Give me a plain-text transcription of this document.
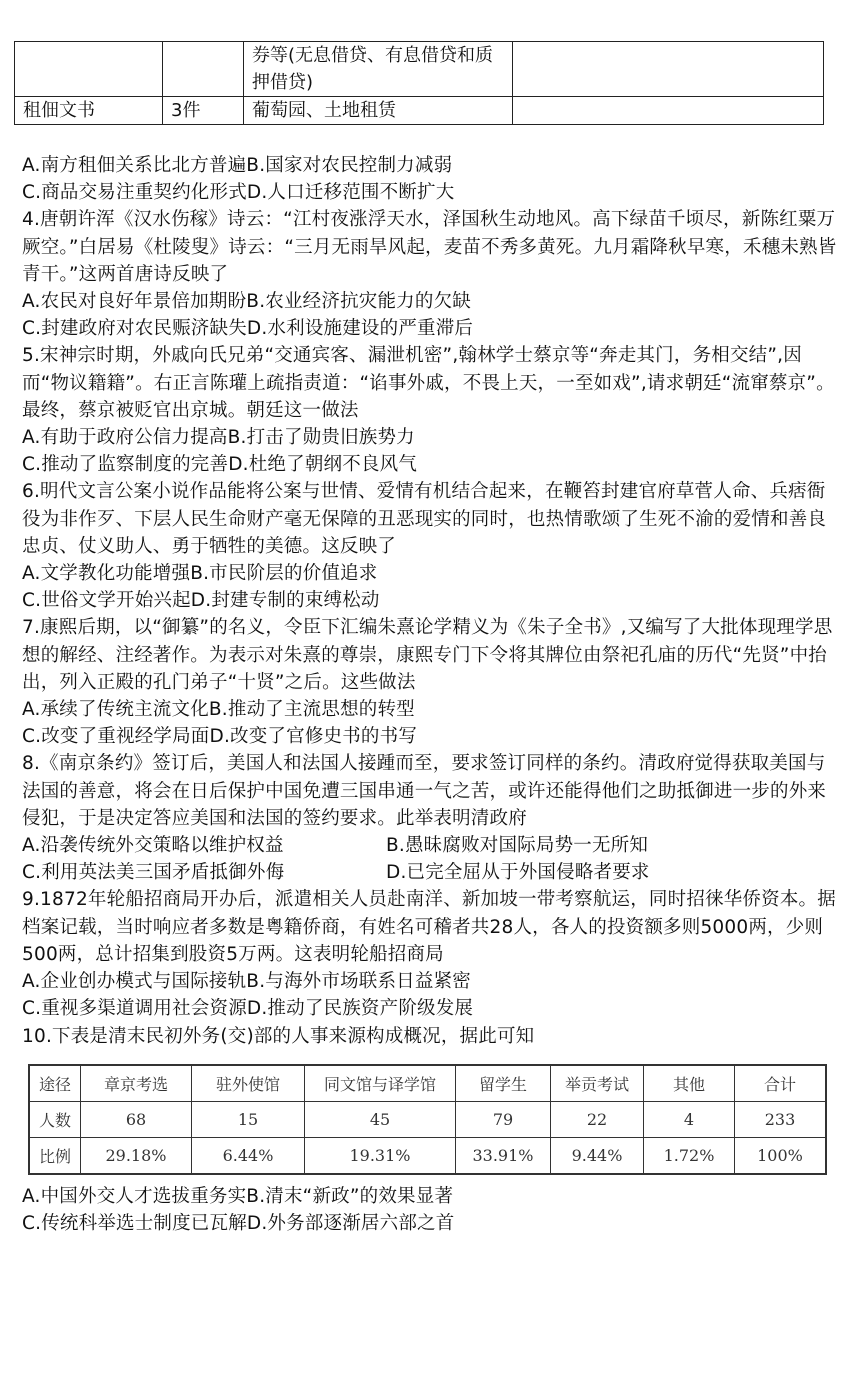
		券等(无息借贷、有息借贷和质押借贷)	
租佃文书	3件	葡萄园、土地租赁	

A.南方租佃关系比北方普遍B.国家对农民控制力减弱

C.商品交易注重契约化形式D.人口迁移范围不断扩大

4.唐朝许浑《汉水伤稼》诗云：“江村夜涨浮天水，泽国秋生动地风。高下绿苗千顷尽，新陈红粟万厥空。”白居易《杜陵叟》诗云：“三月无雨旱风起，麦苗不秀多黄死。九月霜降秋早寒，禾穗未熟皆青干。”这两首唐诗反映了

A.农民对良好年景倍加期盼B.农业经济抗灾能力的欠缺

C.封建政府对农民赈济缺失D.水利设施建设的严重滞后

5.宋神宗时期，外戚向氏兄弟“交通宾客、漏泄机密”,翰林学士蔡京等“奔走其门，务相交结”,因而“物议籍籍”。右正言陈瓘上疏指责道：“谄事外戚，不畏上天，一至如戏”,请求朝廷“流窜蔡京”。最终，蔡京被贬官出京城。朝廷这一做法

A.有助于政府公信力提高B.打击了勋贵旧族势力

C.推动了监察制度的完善D.杜绝了朝纲不良风气

6.明代文言公案小说作品能将公案与世情、爱情有机结合起来，在鞭笞封建官府草菅人命、兵痞衙役为非作歹、下层人民生命财产毫无保障的丑恶现实的同时，也热情歌颂了生死不渝的爱情和善良忠贞、仗义助人、勇于牺牲的美德。这反映了

A.文学教化功能增强B.市民阶层的价值追求

C.世俗文学开始兴起D.封建专制的束缚松动

7.康熙后期，以“御纂”的名义，令臣下汇编朱熹论学精义为《朱子全书》,又编写了大批体现理学思想的解经、注经著作。为表示对朱熹的尊崇，康熙专门下令将其牌位由祭祀孔庙的历代“先贤”中抬出，列入正殿的孔门弟子“十贤”之后。这些做法

A.承续了传统主流文化B.推动了主流思想的转型

C.改变了重视经学局面D.改变了官修史书的书写

8.《南京条约》签订后，美国人和法国人接踵而至，要求签订同样的条约。清政府觉得获取美国与法国的善意，将会在日后保护中国免遭三国串通一气之苦，或许还能得他们之助抵御进一步的外来侵犯，于是决定答应美国和法国的签约要求。此举表明清政府

A.沿袭传统外交策略以维护权益	B.愚昧腐败对国际局势一无所知
C.利用英法美三国矛盾抵御外侮	D.已完全屈从于外国侵略者要求

9.1872年轮船招商局开办后，派遣相关人员赴南洋、新加坡一带考察航运，同时招徕华侨资本。据档案记载，当时响应者多数是粤籍侨商，有姓名可稽者共28人，各人的投资额多则5000两，少则500两，总计招集到股资5万两。这表明轮船招商局

A.企业创办模式与国际接轨B.与海外市场联系日益紧密

C.重视多渠道调用社会资源D.推动了民族资产阶级发展

10.下表是清末民初外务(交)部的人事来源构成概况，据此可知

途径	章京考选	驻外使馆	同文馆与译学馆	留学生	举贡考试	其他	合计
人数	68	15	45	79	22	4	233
比例	29.18%	6.44%	19.31%	33.91%	9.44%	1.72%	100%

A.中国外交人才选拔重务实B.清末“新政”的效果显著

C.传统科举选士制度已瓦解D.外务部逐渐居六部之首
